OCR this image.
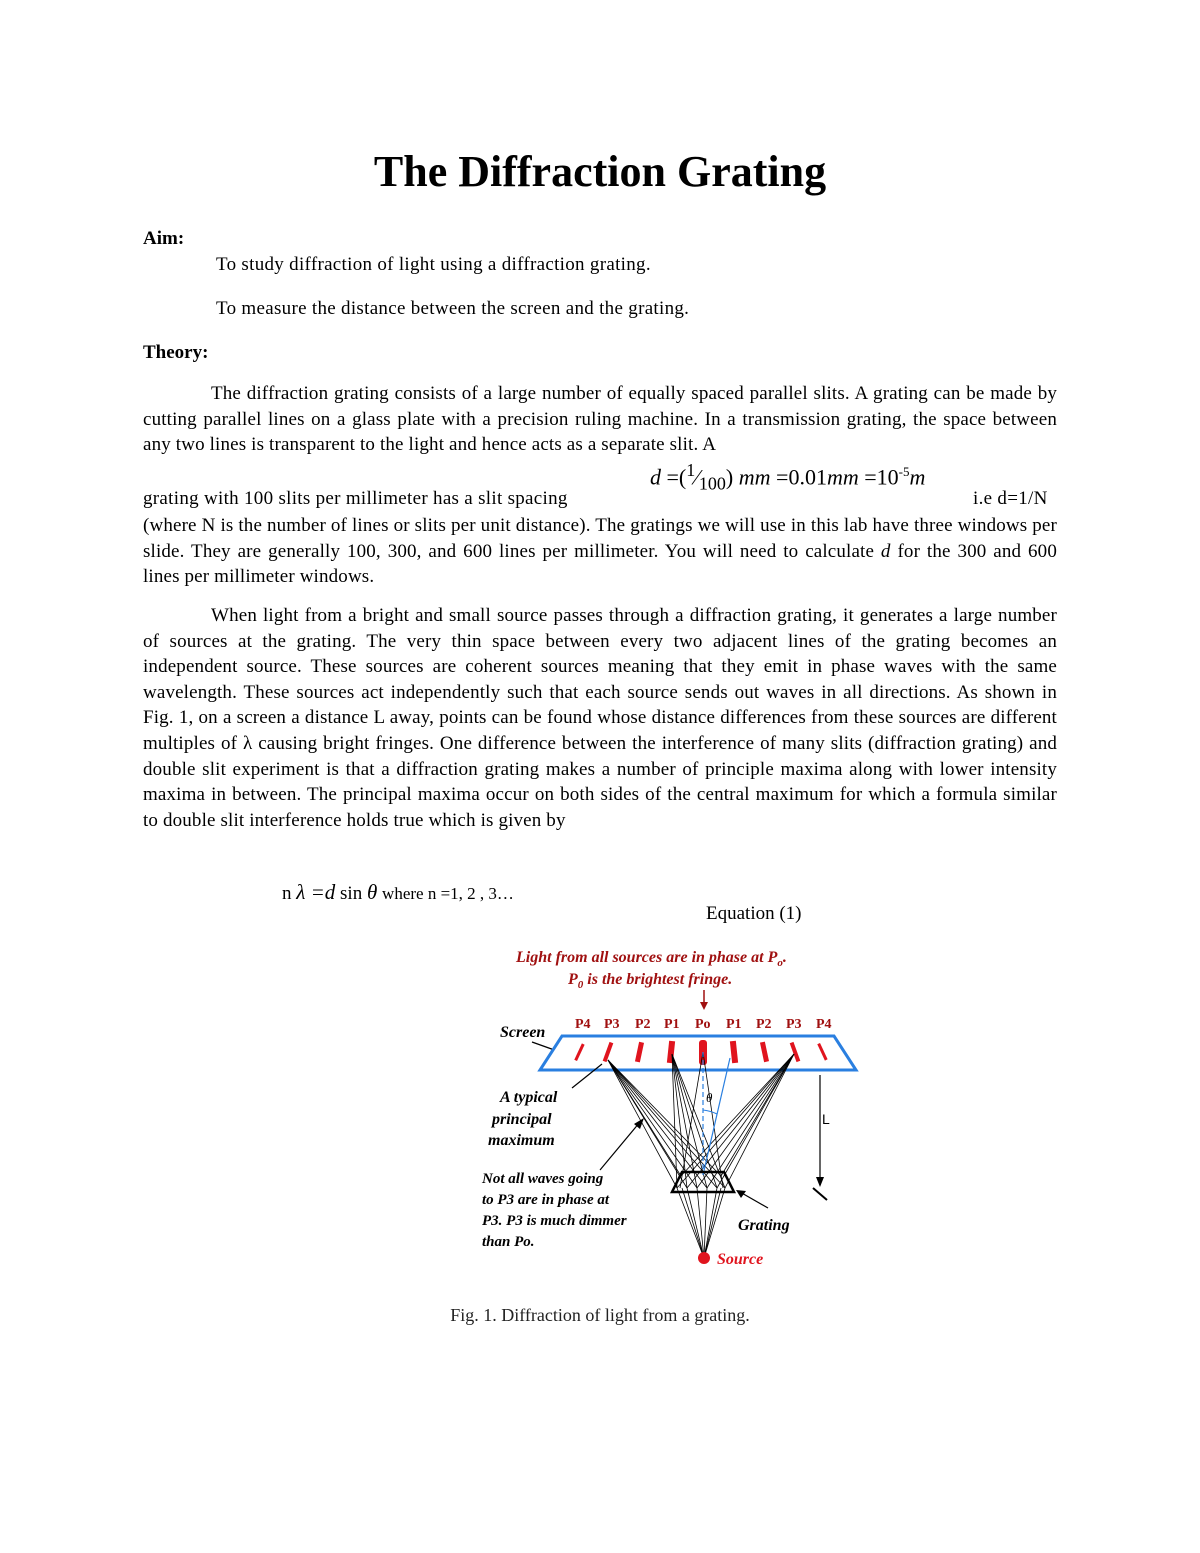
The Diffraction Grating

Aim:

To study diffraction of light using a diffraction grating.

To measure the distance between the screen and the grating.

Theory:

The diffraction grating consists of a large number of equally spaced parallel slits. A grating can be made by cutting parallel lines on a glass plate with a precision ruling machine. In a transmission grating, the space between any two lines is transparent to the light and hence acts as a separate slit. A

$d =(^1⁄_{100})$ mm $=0.01mm =10^{-5}m$

grating with 100 slits per millimeter has a slit spacing	i.e d=1/N

(where N is the number of lines or slits per unit distance). The gratings we will use in this lab have three windows per slide. They are generally 100, 300, and 600 lines per millimeter. You will need to calculate d for the 300 and 600 lines per millimeter windows.

When light from a bright and small source passes through a diffraction grating, it generates a large number of sources at the grating. The very thin space between every two adjacent lines of the grating becomes an independent source. These sources are coherent sources meaning that they emit in phase waves with the same wavelength. These sources act independently such that each source sends out waves in all directions. As shown in Fig. 1, on a screen a distance L away, points can be found whose distance differences from these sources are different multiples of λ causing bright fringes. One difference between the interference of many slits (diffraction grating) and double slit experiment is that a diffraction grating makes a number of principle maxima along with lower intensity maxima in between. The principal maxima occur on both sides of the central maximum for which a formula similar to double slit interference holds true which is given by

n λ =d sin θ where n =1, 2 , 3…

Equation (1)

Light from all sources are in phase at $P_o$.
$P_0$ is the brightest fringe.
P4 P3 P2 P1 Po P1 P2 P3 P4
Screen
θ
L
A typical
principal
maximum
Not all waves going
to P3 are in phase at
P3. P3 is much dimmer
than Po.
Grating
Source

Fig. 1. Diffraction of light from a grating.
